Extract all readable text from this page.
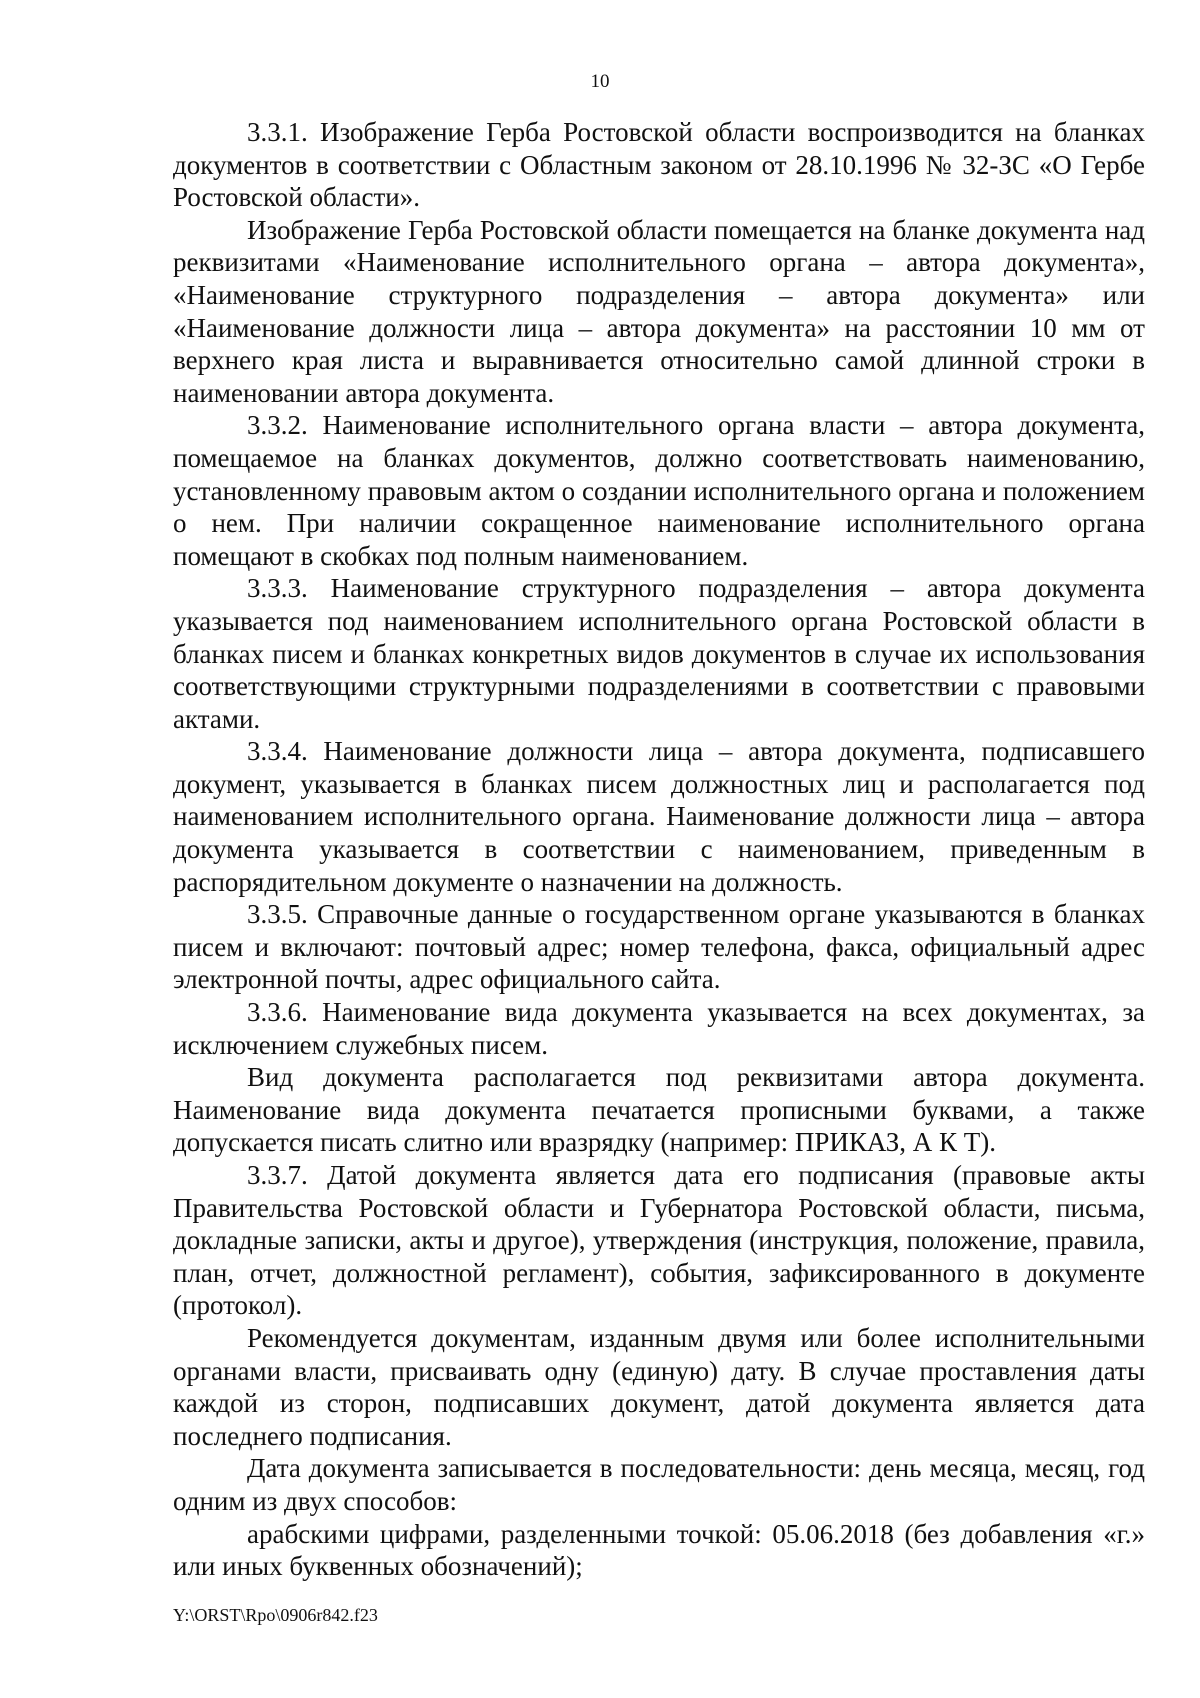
10

3.3.1. Изображение Герба Ростовской области воспроизводится на бланках документов в соответствии с Областным законом от 28.10.1996 № 32-ЗС «О Гербе Ростовской области».

Изображение Герба Ростовской области помещается на бланке документа над реквизитами «Наименование исполнительного органа – автора документа», «Наименование структурного подразделения – автора документа» или «Наименование должности лица – автора документа» на расстоянии 10 мм от верхнего края листа и выравнивается относительно самой длинной строки в наименовании автора документа.

3.3.2. Наименование исполнительного органа власти – автора документа, помещаемое на бланках документов, должно соответствовать наименованию, установленному правовым актом о создании исполнительного органа и положением о нем. При наличии сокращенное наименование исполнительного органа помещают в скобках под полным наименованием.

3.3.3. Наименование структурного подразделения – автора документа указывается под наименованием исполнительного органа Ростовской области в бланках писем и бланках конкретных видов документов в случае их использования соответствующими структурными подразделениями в соответствии с правовыми актами.

3.3.4. Наименование должности лица – автора документа, подписавшего документ, указывается в бланках писем должностных лиц и располагается под наименованием исполнительного органа. Наименование должности лица – автора документа указывается в соответствии с наименованием, приведенным в распорядительном документе о назначении на должность.

3.3.5. Справочные данные о государственном органе указываются в бланках писем и включают: почтовый адрес; номер телефона, факса, официальный адрес электронной почты, адрес официального сайта.

3.3.6. Наименование вида документа указывается на всех документах, за исключением служебных писем.

Вид документа располагается под реквизитами автора документа. Наименование вида документа печатается прописными буквами, а также допускается писать слитно или вразрядку (например: ПРИКАЗ, А К Т).

3.3.7. Датой документа является дата его подписания (правовые акты Правительства Ростовской области и Губернатора Ростовской области, письма, докладные записки, акты и другое), утверждения (инструкция, положение, правила, план, отчет, должностной регламент), события, зафиксированного в документе (протокол).

Рекомендуется документам, изданным двумя или более исполнительными органами власти, присваивать одну (единую) дату. В случае проставления даты каждой из сторон, подписавших документ, датой документа является дата последнего подписания.

Дата документа записывается в последовательности: день месяца, месяц, год одним из двух способов:

арабскими цифрами, разделенными точкой: 05.06.2018 (без добавления «г.» или иных буквенных обозначений);

Y:\ORST\Rpo\0906r842.f23
